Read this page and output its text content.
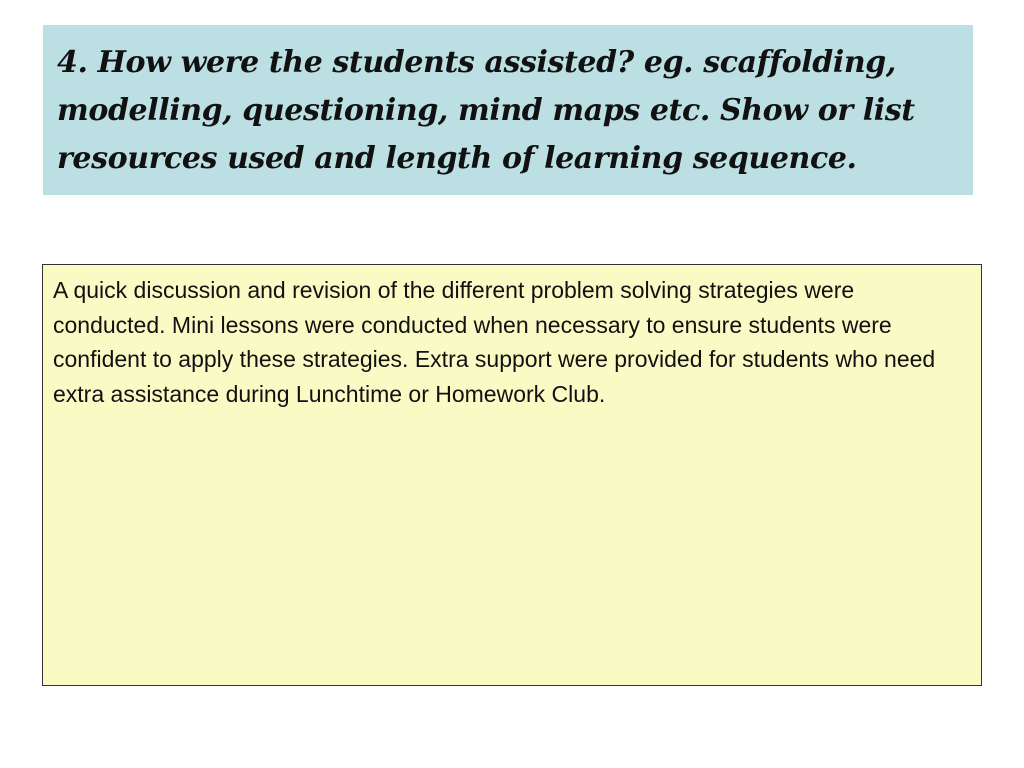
4. How were the students assisted? eg. scaffolding, modelling, questioning, mind maps etc. Show or list resources used and length of learning sequence.

A quick discussion and revision of the different problem solving strategies were conducted. Mini lessons were conducted when necessary to ensure students were confident to apply these strategies. Extra support were provided for students who need extra assistance during Lunchtime or Homework Club.
